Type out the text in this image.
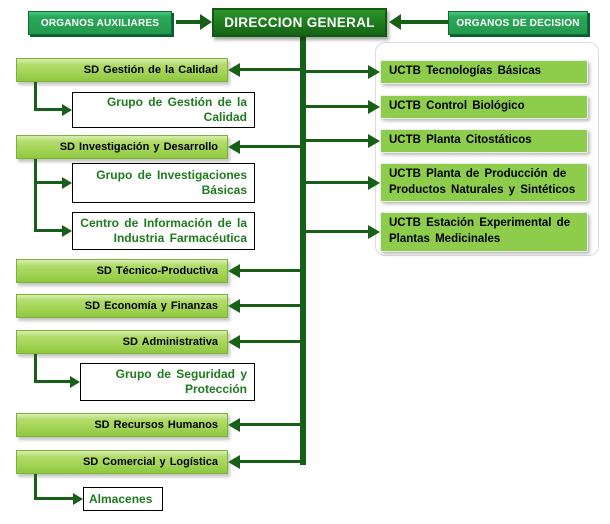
ORGANOS AUXILIARES	DIRECCION GENERAL	ORGANOS DE DECISION
SD Gestión de la Calidad
SD Investigación y Desarrollo
SD Técnico-Productiva
SD Economía y Finanzas
SD Administrativa
SD Recursos Humanos
SD Comercial y Logística
Grupo de Gestión de la Calidad
Grupo de Investigaciones Básicas
Centro de Información de la Industria Farmacéutica
Grupo de Seguridad y Protección
Almacenes
UCTB Tecnologías Básicas
UCTB Control Biológico
UCTB Planta Citostáticos
UCTB Planta de Producción de Productos Naturales y Sintéticos
UCTB Estación Experimental de Plantas Medicinales
